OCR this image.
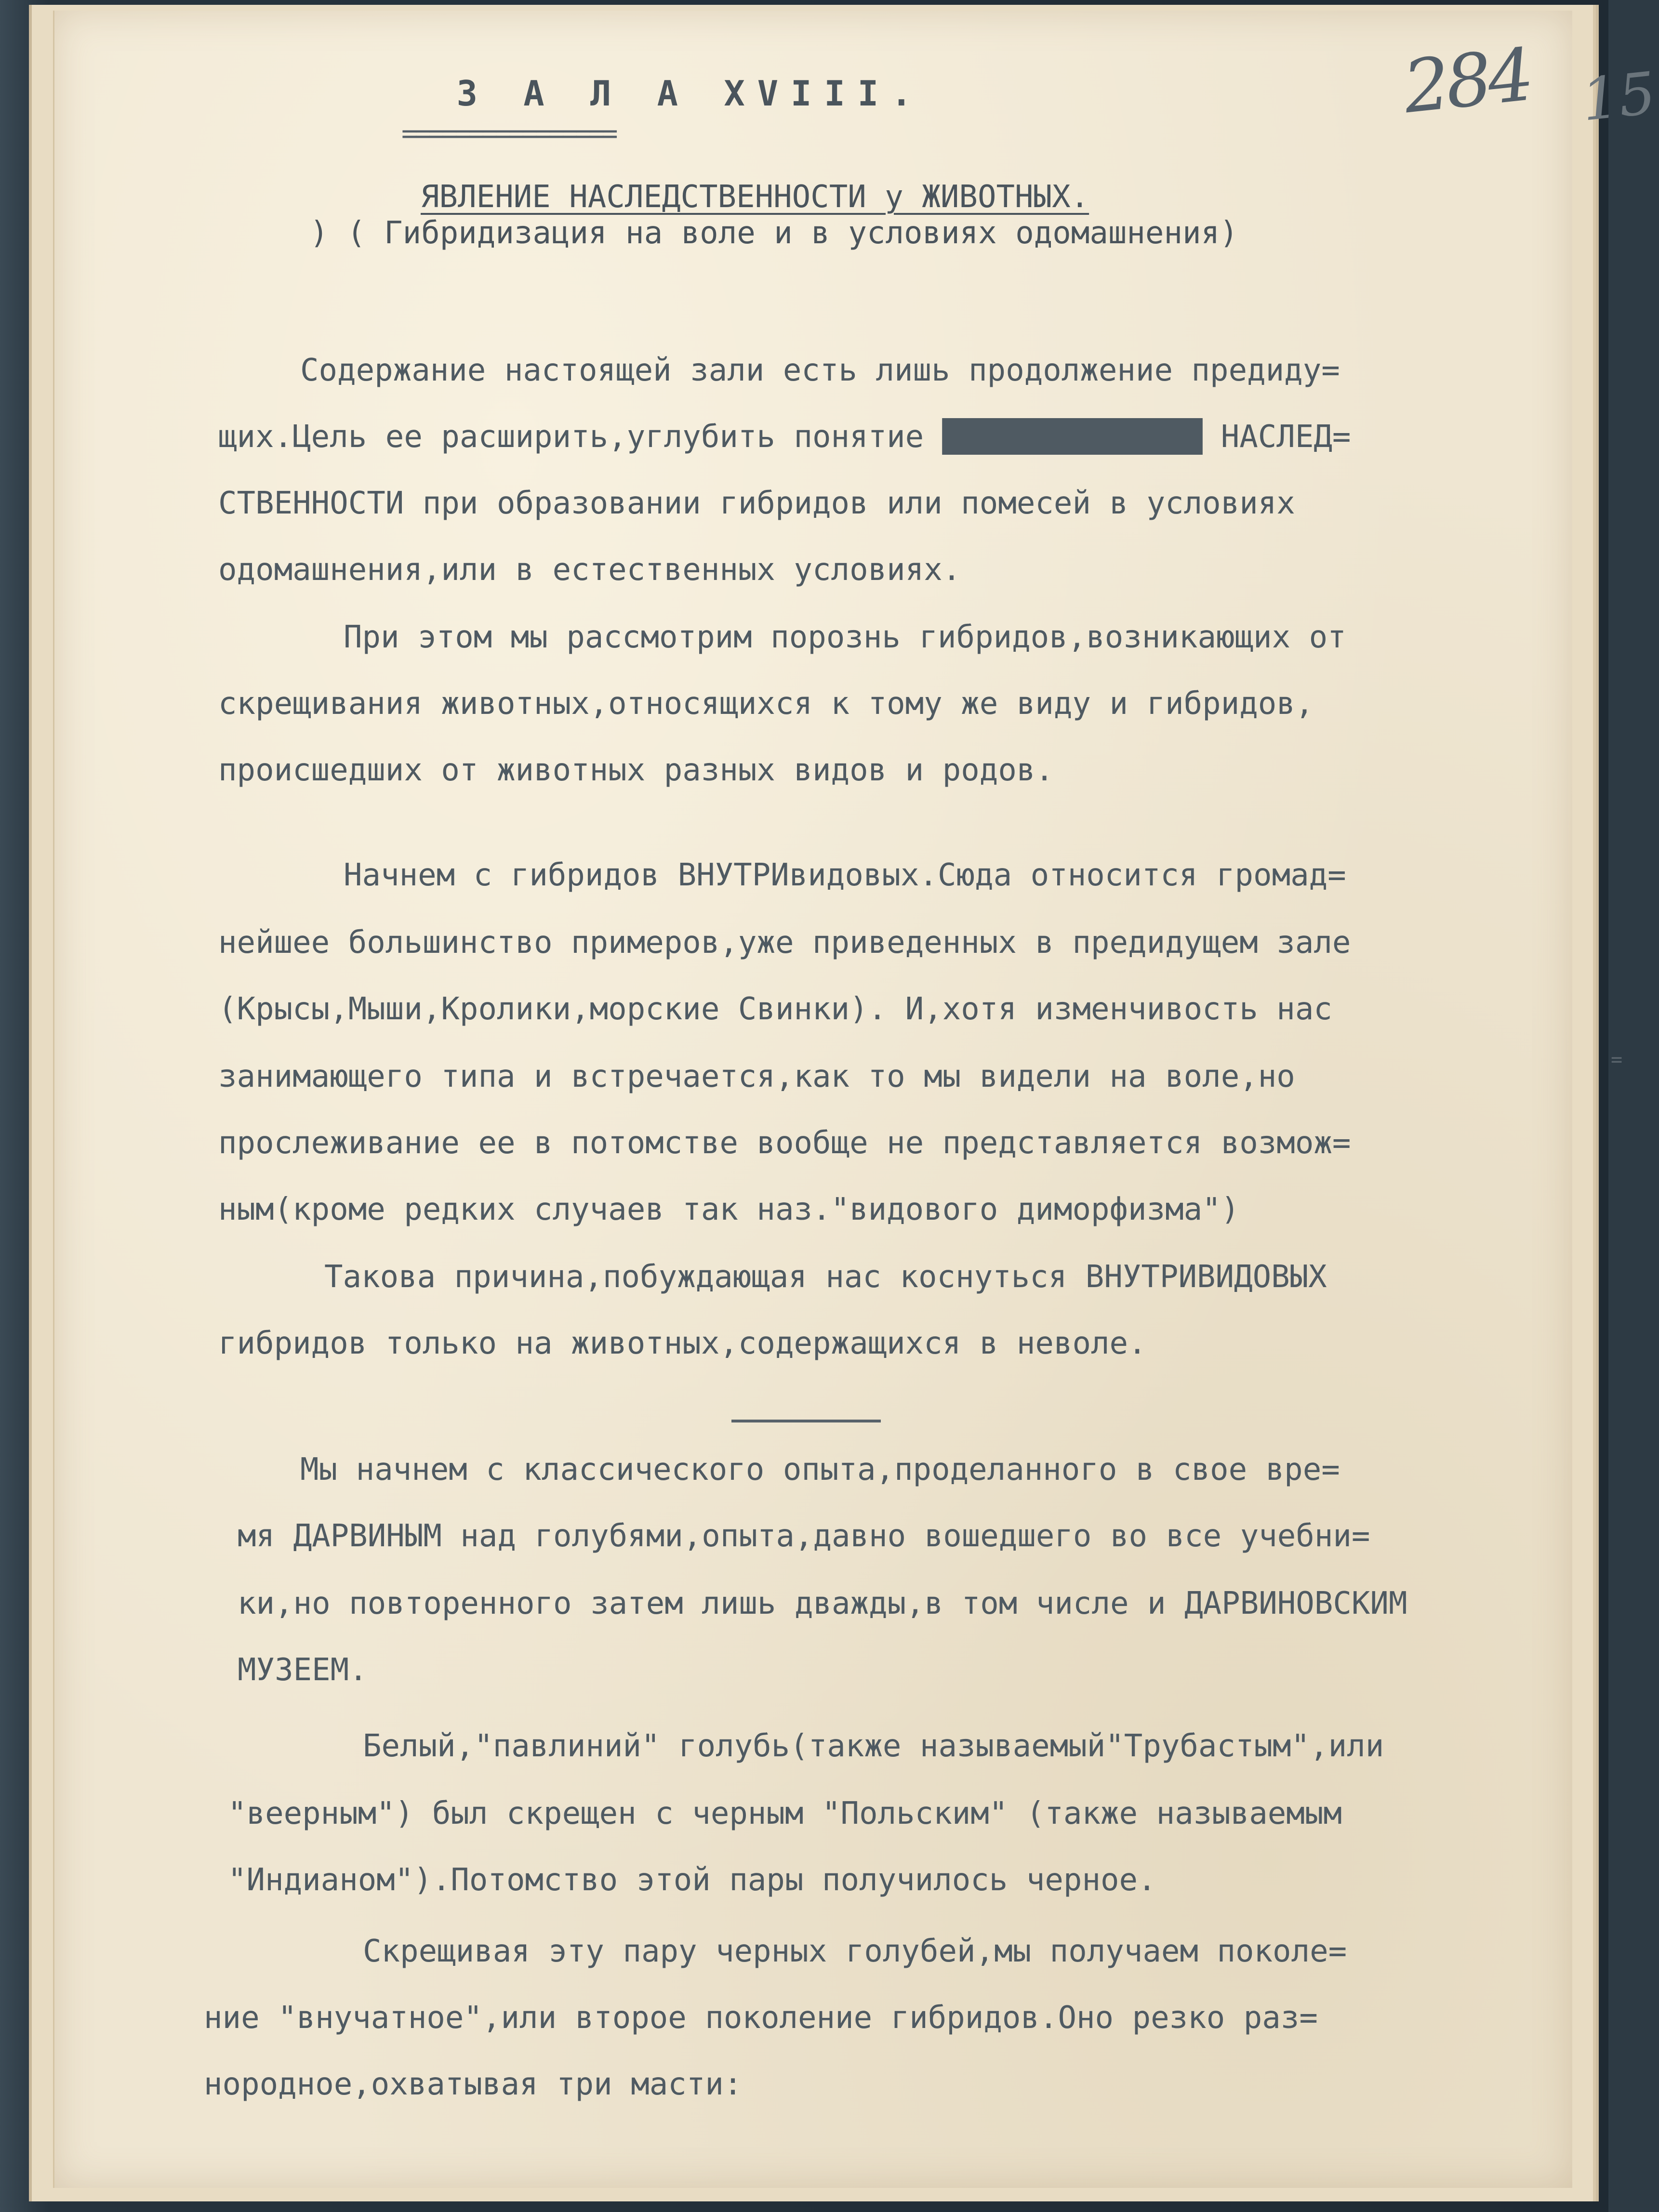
З А Л А XVIII.
================
ЯВЛЕНИЕ НАСЛЕДСТВЕННОСТИ у ЖИВОТНЫХ.
) ( Гибридизация на воле и в условиях одомашнения)
284 15
Содержание настоящей зали есть лишь продолжение предиду=
щих.Цель ее расширить,углубить понятие ██████████████ НАСЛЕД=
СТВЕННОСТИ при образовании гибридов или помесей в условиях
одомашнения,или в естественных условиях.
При этом мы рассмотрим порознь гибридов,возникающих от
скрещивания животных,относящихся к тому же виду и гибридов,
происшедших от животных разных видов и родов.
Начнем с гибридов ВНУТРИвидовых.Сюда относится громад=
нейшее большинство примеров,уже приведенных в предидущем зале
(Крысы,Мыши,Кролики,морские Свинки). И,хотя изменчивость нас
занимающего типа и встречается,как то мы видели на воле,но
прослеживание ее в потомстве вообще не представляется возмож=
ным(кроме редких случаев так наз."видового диморфизма")
Такова причина,побуждающая нас коснуться ВНУТРИВИДОВЫХ
гибридов только на животных,содержащихся в неволе.
Мы начнем с классического опыта,проделанного в свое вре=
мя ДАРВИНЫМ над голубями,опыта,давно вошедшего во все учебни=
ки,но повторенного затем лишь дважды,в том числе и ДАРВИНОВСКИМ
МУЗЕЕМ.
Белый,"павлиний" голубь(также называемый"Трубастым",или
"веерным") был скрещен с черным "Польским" (также называемым
"Индианом").Потомство этой пары получилось черное.
Скрещивая эту пару черных голубей,мы получаем поколе=
ние "внучатное",или второе поколение гибридов.Оно резко раз=
нородное,охватывая три масти:
=
